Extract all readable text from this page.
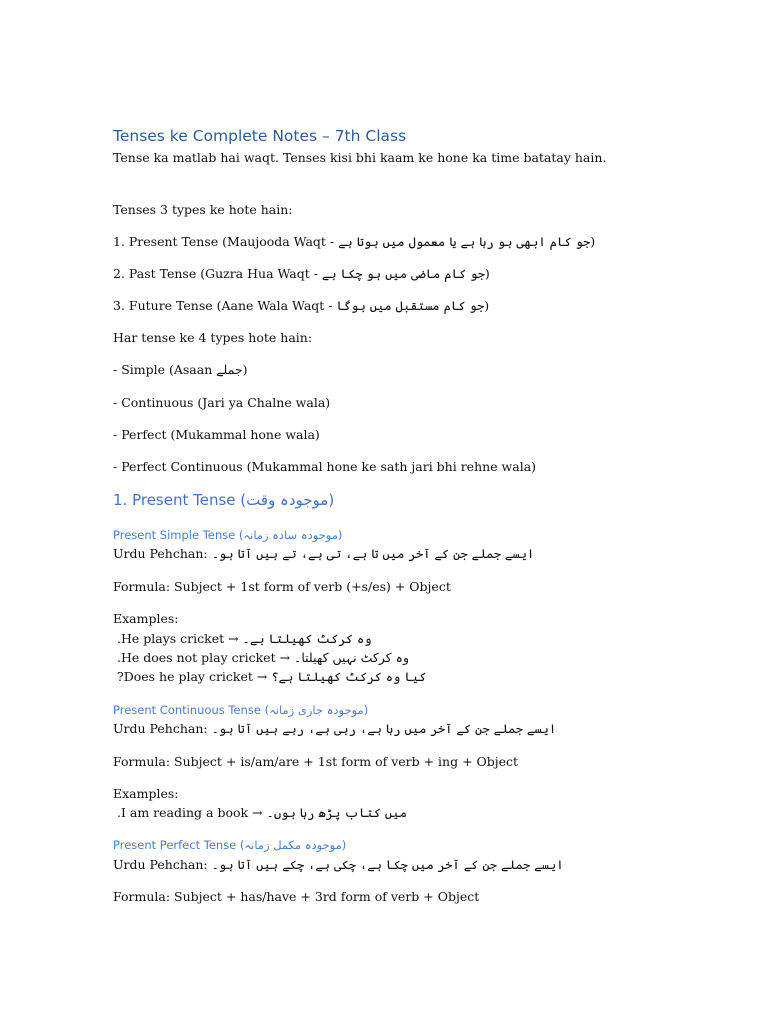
Tenses ke Complete Notes – 7th Class
Tense ka matlab hai waqt. Tenses kisi bhi kaam ke hone ka time batatay hain.
Tenses 3 types ke hote hain:
1. Present Tense (Maujooda Waqt - جو کام ابھی ہو رہا ہے یا معمول میں ہوتا ہے)
2. Past Tense (Guzra Hua Waqt - جو کام ماضی میں ہو چکا ہے)
3. Future Tense (Aane Wala Waqt - جو کام مستقبل میں ہوگا)
Har tense ke 4 types hote hain:
- Simple (Asaan جملے)
- Continuous (Jari ya Chalne wala)
- Perfect (Mukammal hone wala)
- Perfect Continuous (Mukammal hone ke sath jari bhi rehne wala)
1. Present Tense (موجودہ وقت)
Present Simple Tense (موجودہ سادہ زمانہ)
Urdu Pehchan: ایسے جملے جن کے آخر میں تا ہے، تی ہے، تے ہیں آتا ہو۔
Formula: Subject + 1st form of verb (+s/es) + Object
Examples:
وہ کرکٹ کھیلتا ہے۔ → He plays cricket.
وہ کرکٹ نہیں کھیلتا۔ → He does not play cricket.
کیا وہ کرکٹ کھیلتا ہے؟ → Does he play cricket?
Present Continuous Tense (موجودہ جاری زمانہ)
Urdu Pehchan: ایسے جملے جن کے آخر میں رہا ہے، رہی ہے، رہے ہیں آتا ہو۔
Formula: Subject + is/am/are + 1st form of verb + ing + Object
Examples:
میں کتاب پڑھ رہا ہوں۔ → I am reading a book.
Present Perfect Tense (موجودہ مکمل زمانہ)
Urdu Pehchan: ایسے جملے جن کے آخر میں چکا ہے، چکی ہے، چکے ہیں آتا ہو۔
Formula: Subject + has/have + 3rd form of verb + Object
